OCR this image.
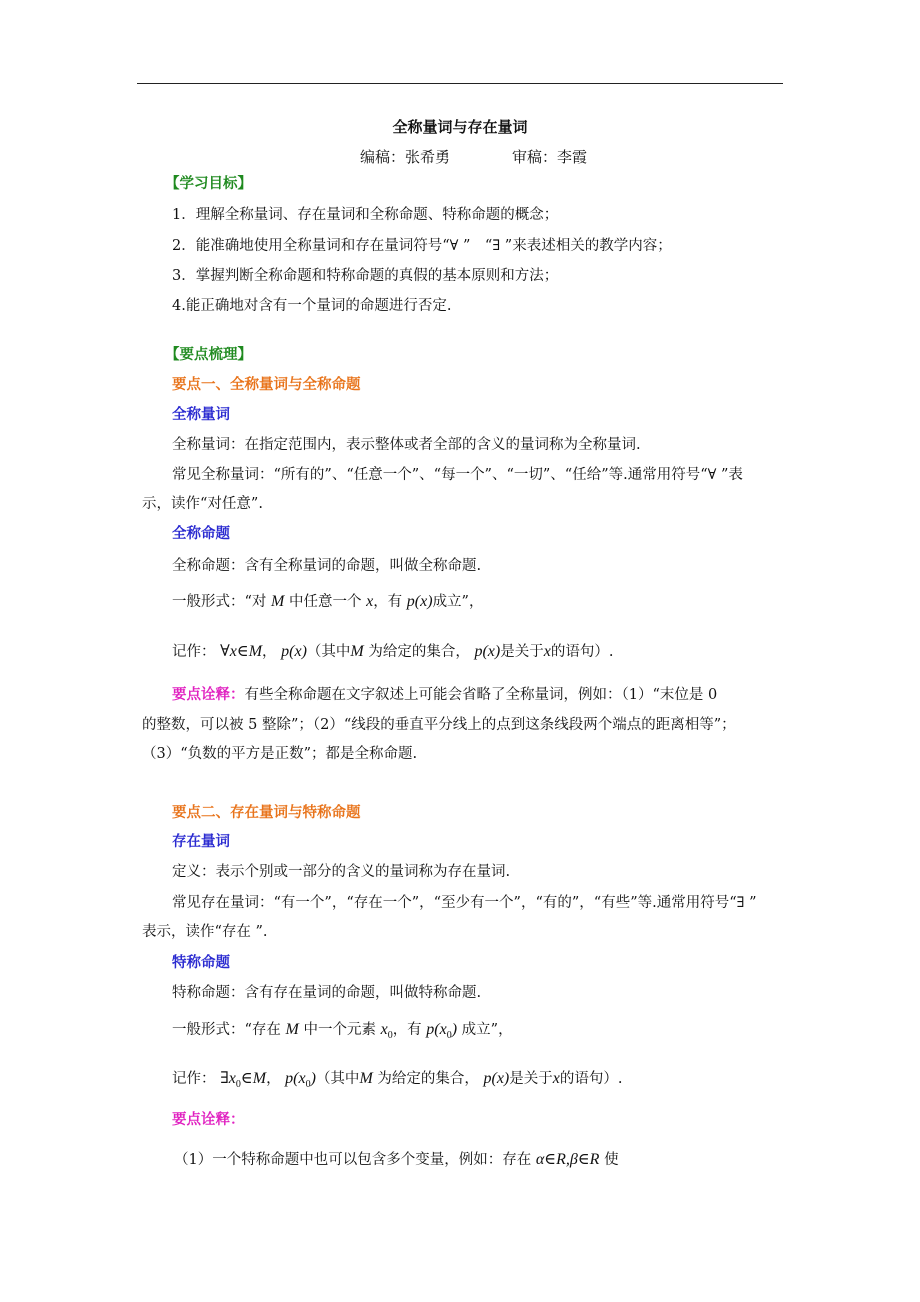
全称量词与存在量词
编稿：张希勇	审稿：李霞
【学习目标】
1．理解全称量词、存在量词和全称命题、特称命题的概念；
2．能准确地使用全称量词和存在量词符号“∀ ”　“∃ ”来表述相关的教学内容；
3．掌握判断全称命题和特称命题的真假的基本原则和方法；
4.能正确地对含有一个量词的命题进行否定.
【要点梳理】
要点一、全称量词与全称命题
全称量词
全称量词：在指定范围内，表示整体或者全部的含义的量词称为全称量词.
常见全称量词：“所有的”、“任意一个”、“每一个”、“一切”、“任给”等.通常用符号“∀ ”表
示，读作“对任意”.
全称命题
全称命题：含有全称量词的命题，叫做全称命题.
一般形式：“对 M 中任意一个 x，有 p(x)成立”，
记作： ∀x∈M， p(x)（其中M 为给定的集合， p(x)是关于x的语句）.
要点诠释：有些全称命题在文字叙述上可能会省略了全称量词，例如：（1）“末位是 0
的整数，可以被 5 整除”；（2）“线段的垂直平分线上的点到这条线段两个端点的距离相等”；
（3）“负数的平方是正数”；都是全称命题.
要点二、存在量词与特称命题
存在量词
定义：表示个别或一部分的含义的量词称为存在量词.
常见存在量词：“有一个”，“存在一个”，“至少有一个”，“有的”，“有些”等.通常用符号“∃ ”
表示，读作“存在 ”.
特称命题
特称命题：含有存在量词的命题，叫做特称命题.
一般形式：“存在 M 中一个元素 $x_0$，有 $p(x_0)$ 成立”，
记作： $\exists x_0\in M$， $p(x_0)$（其中M 为给定的集合， p(x)是关于x的语句）.
要点诠释：
（1）一个特称命题中也可以包含多个变量，例如：存在 α∈R,β∈R 使
